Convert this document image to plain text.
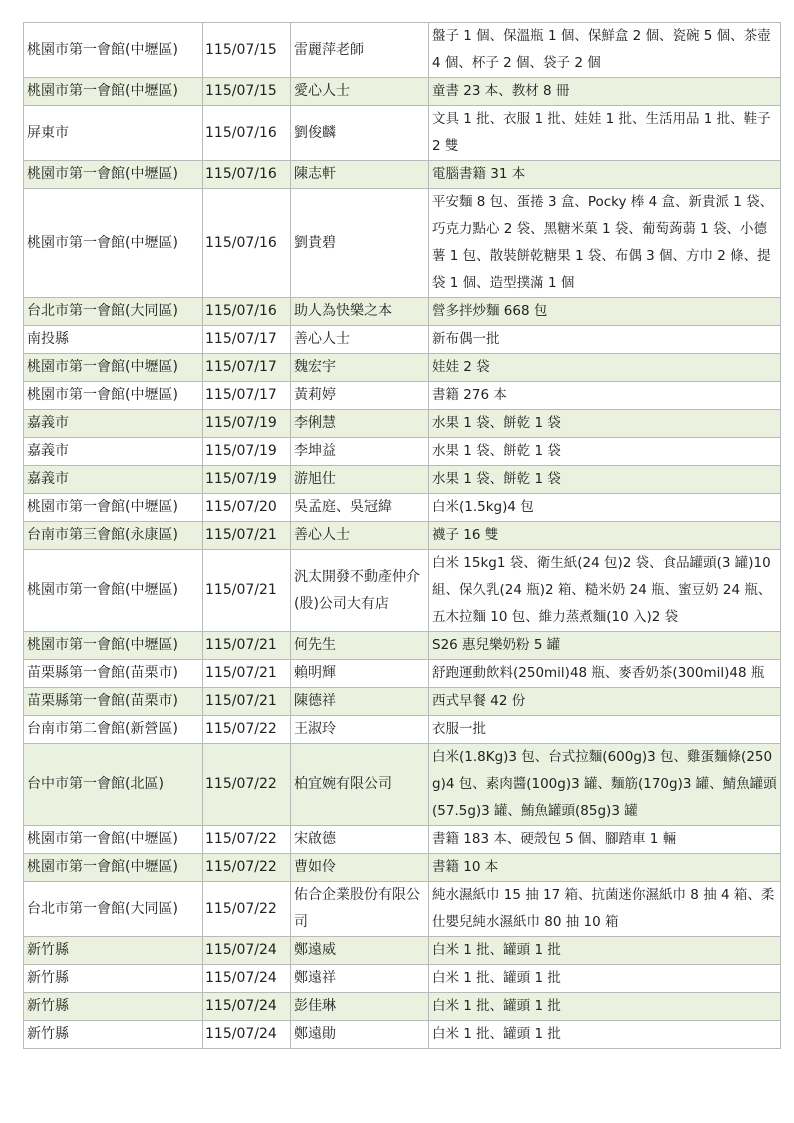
桃園市第一會館(中壢區)	115/07/15	雷麗萍老師	盤子 1 個、保溫瓶 1 個、保鮮盒 2 個、瓷碗 5 個、茶壺 4 個、杯子 2 個、袋子 2 個
桃園市第一會館(中壢區)	115/07/15	愛心人士	童書 23 本、教材 8 冊
屏東市	115/07/16	劉俊麟	文具 1 批、衣服 1 批、娃娃 1 批、生活用品 1 批、鞋子 2 雙
桃園市第一會館(中壢區)	115/07/16	陳志軒	電腦書籍 31 本
桃園市第一會館(中壢區)	115/07/16	劉貴碧	平安麵 8 包、蛋捲 3 盒、Pocky 棒 4 盒、新貴派 1 袋、巧克力點心 2 袋、黑糖米菓 1 袋、葡萄蒟蒻 1 袋、小德薯 1 包、散裝餅乾糖果 1 袋、布偶 3 個、方巾 2 條、提袋 1 個、造型撲滿 1 個
台北市第一會館(大同區)	115/07/16	助人為快樂之本	營多拌炒麵 668 包
南投縣	115/07/17	善心人士	新布偶一批
桃園市第一會館(中壢區)	115/07/17	魏宏宇	娃娃 2 袋
桃園市第一會館(中壢區)	115/07/17	黃莉婷	書籍 276 本
嘉義市	115/07/19	李俐慧	水果 1 袋、餅乾 1 袋
嘉義市	115/07/19	李坤益	水果 1 袋、餅乾 1 袋
嘉義市	115/07/19	游旭仕	水果 1 袋、餅乾 1 袋
桃園市第一會館(中壢區)	115/07/20	吳孟庭、吳冠緯	白米(1.5kg)4 包
台南市第三會館(永康區)	115/07/21	善心人士	襪子 16 雙
桃園市第一會館(中壢區)	115/07/21	汎太開發不動產仲介(股)公司大有店	白米 15kg1 袋、衛生紙(24 包)2 袋、食品罐頭(3 罐)10 組、保久乳(24 瓶)2 箱、糙米奶 24 瓶、蜜豆奶 24 瓶、五木拉麵 10 包、維力蒸煮麵(10 入)2 袋
桃園市第一會館(中壢區)	115/07/21	何先生	S26 惠兒樂奶粉 5 罐
苗栗縣第一會館(苗栗市)	115/07/21	賴明輝	舒跑運動飲料(250mil)48 瓶、麥香奶茶(300mil)48 瓶
苗栗縣第一會館(苗栗市)	115/07/21	陳德祥	西式早餐 42 份
台南市第二會館(新營區)	115/07/22	王淑玲	衣服一批
台中市第一會館(北區)	115/07/22	柏宜婉有限公司	白米(1.8Kg)3 包、台式拉麵(600g)3 包、雞蛋麵條(250g)4 包、素肉醬(100g)3 罐、麵筋(170g)3 罐、鯖魚罐頭(57.5g)3 罐、鮪魚罐頭(85g)3 罐
桃園市第一會館(中壢區)	115/07/22	宋啟德	書籍 183 本、硬殼包 5 個、腳踏車 1 輛
桃園市第一會館(中壢區)	115/07/22	曹如伶	書籍 10 本
台北市第一會館(大同區)	115/07/22	佑合企業股份有限公司	純水濕紙巾 15 抽 17 箱、抗菌迷你濕紙巾 8 抽 4 箱、柔仕嬰兒純水濕紙巾 80 抽 10 箱
新竹縣	115/07/24	鄭遠威	白米 1 批、罐頭 1 批
新竹縣	115/07/24	鄭遠祥	白米 1 批、罐頭 1 批
新竹縣	115/07/24	彭佳琳	白米 1 批、罐頭 1 批
新竹縣	115/07/24	鄭遠勛	白米 1 批、罐頭 1 批
